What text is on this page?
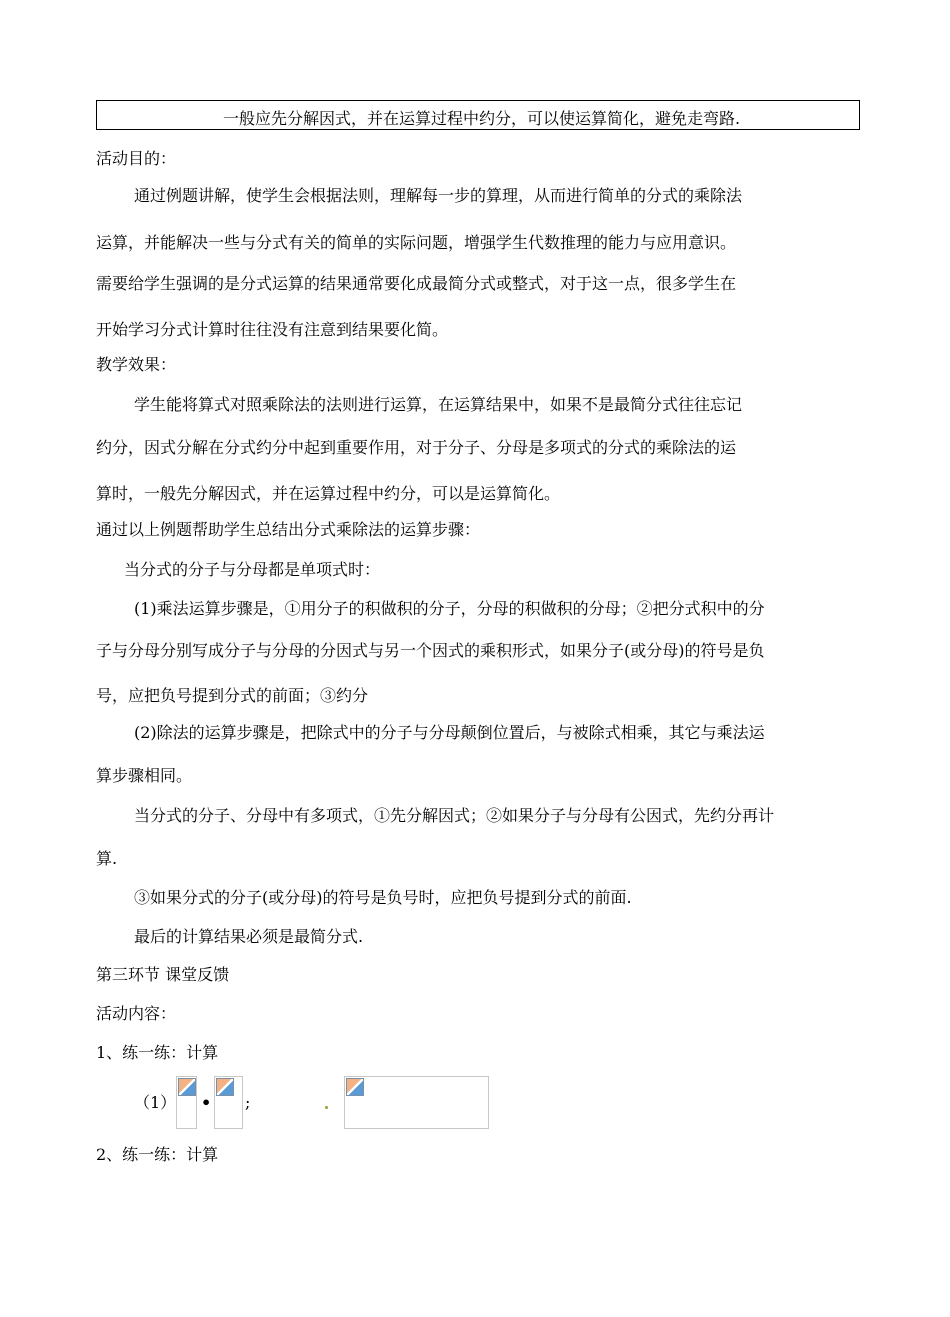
一般应先分解因式，并在运算过程中约分，可以使运算简化，避免走弯路.
活动目的：
通过例题讲解，使学生会根据法则，理解每一步的算理，从而进行简单的分式的乘除法
运算，并能解决一些与分式有关的简单的实际问题，增强学生代数推理的能力与应用意识。
需要给学生强调的是分式运算的结果通常要化成最简分式或整式，对于这一点，很多学生在
开始学习分式计算时往往没有注意到结果要化简。
教学效果：
学生能将算式对照乘除法的法则进行运算，在运算结果中，如果不是最简分式往往忘记
约分，因式分解在分式约分中起到重要作用，对于分子、分母是多项式的分式的乘除法的运
算时，一般先分解因式，并在运算过程中约分，可以是运算简化。
通过以上例题帮助学生总结出分式乘除法的运算步骤：
当分式的分子与分母都是单项式时：
(1)乘法运算步骤是，①用分子的积做积的分子，分母的积做积的分母；②把分式积中的分
子与分母分别写成分子与分母的分因式与另一个因式的乘积形式，如果分子(或分母)的符号是负
号，应把负号提到分式的前面；③约分
(2)除法的运算步骤是，把除式中的分子与分母颠倒位置后，与被除式相乘，其它与乘法运
算步骤相同。
当分式的分子、分母中有多项式，①先分解因式；②如果分子与分母有公因式，先约分再计
算.
③如果分式的分子(或分母)的符号是负号时，应把负号提到分式的前面.
最后的计算结果必须是最简分式.
第三环节 课堂反馈
活动内容：
1、练一练：计算
（1） • ;
2、练一练：计算
